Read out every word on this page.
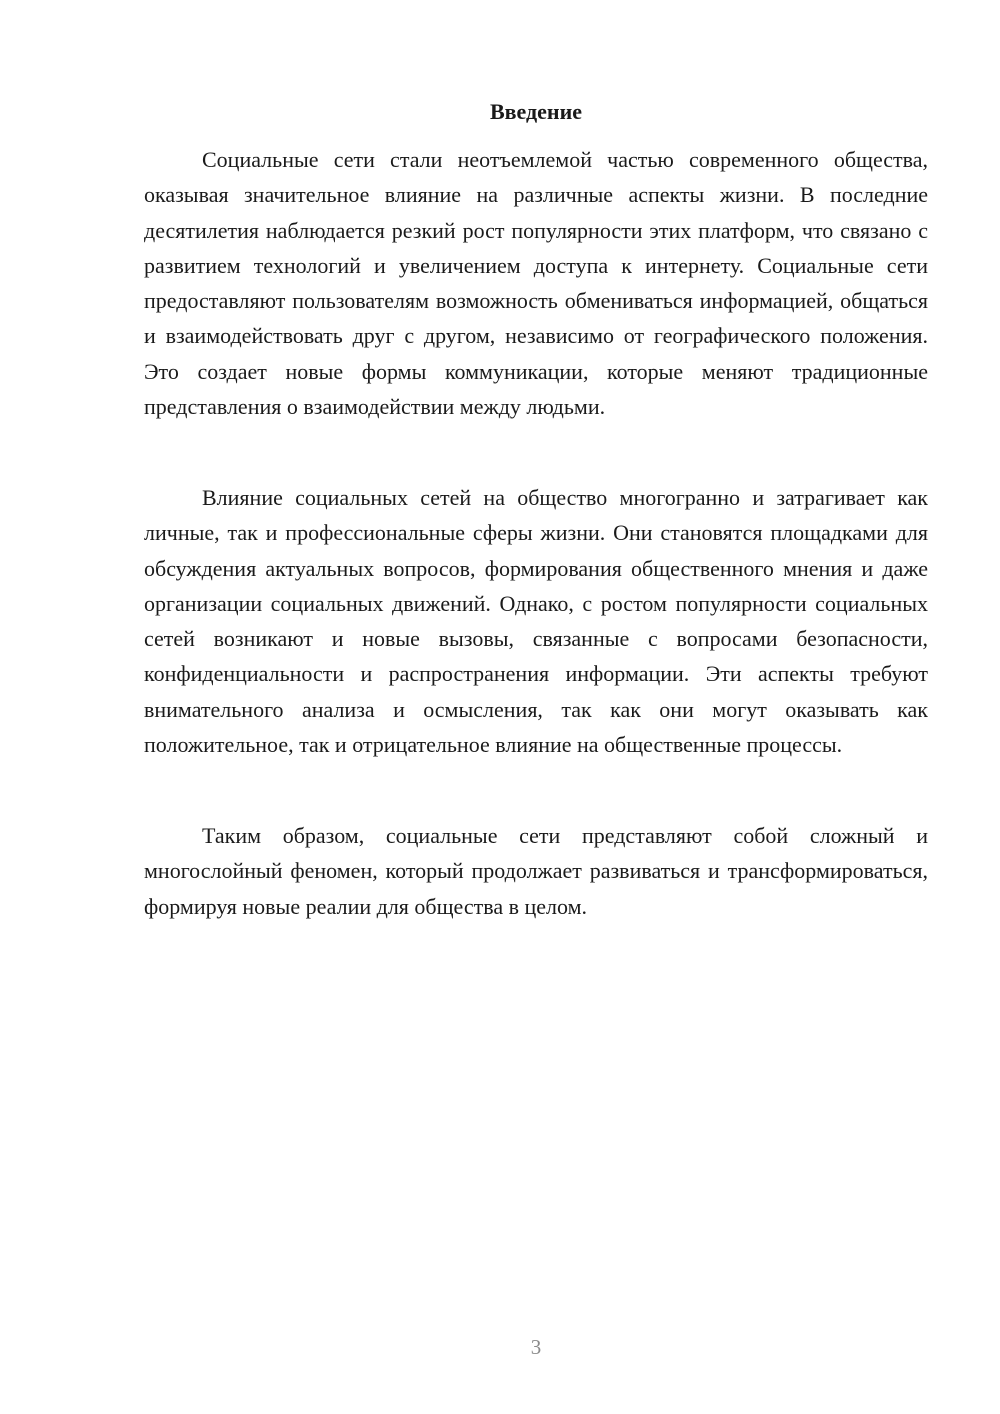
Введение

Социальные сети стали неотъемлемой частью современного общества, оказывая значительное влияние на различные аспекты жизни. В последние десятилетия наблюдается резкий рост популярности этих платформ, что связано с развитием технологий и увеличением доступа к интернету. Социальные сети предоставляют пользователям возможность обмениваться информацией, общаться и взаимодействовать друг с другом, независимо от географического положения. Это создает новые формы коммуникации, которые меняют традиционные представления о взаимодействии между людьми.

Влияние социальных сетей на общество многогранно и затрагивает как личные, так и профессиональные сферы жизни. Они становятся площадками для обсуждения актуальных вопросов, формирования общественного мнения и даже организации социальных движений. Однако, с ростом популярности социальных сетей возникают и новые вызовы, связанные с вопросами безопасности, конфиденциальности и распространения информации. Эти аспекты требуют внимательного анализа и осмысления, так как они могут оказывать как положительное, так и отрицательное влияние на общественные процессы.

Таким образом, социальные сети представляют собой сложный и многослойный феномен, который продолжает развиваться и трансформироваться, формируя новые реалии для общества в целом.

3
